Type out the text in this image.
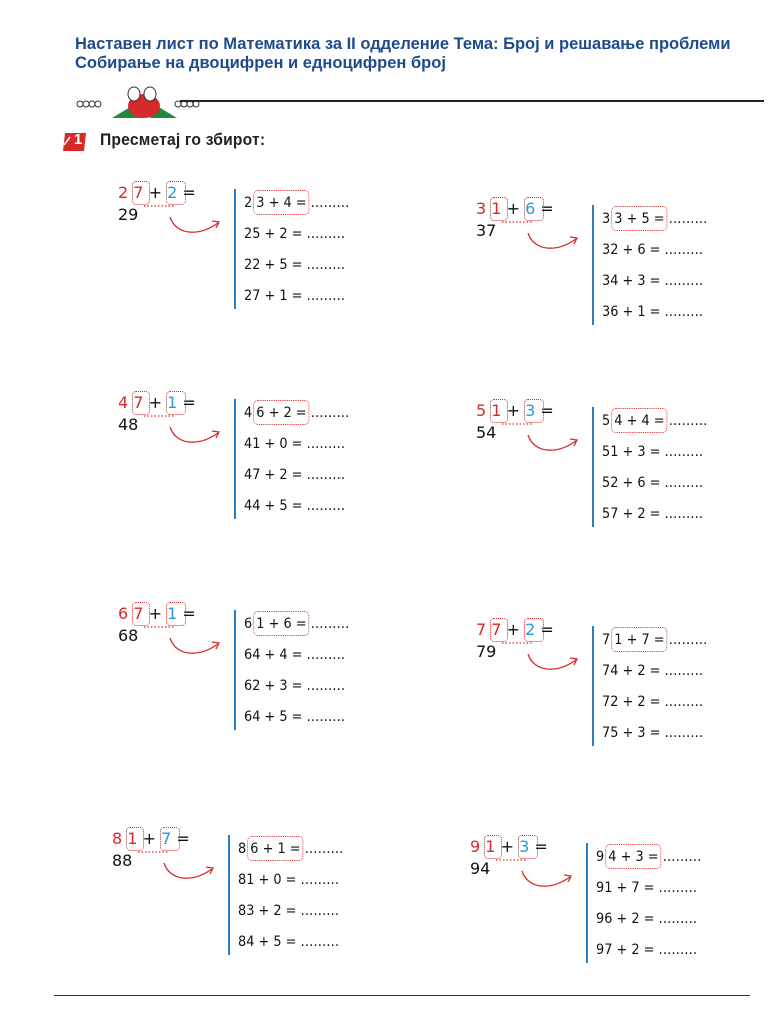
Наставен лист по Математика за II одделение Тема: Број и решавање проблеми
Собирање на двоцифрен и едноцифрен број
1	Пресметај го збирот:
2 7 + 2 =
29
2 3 + 4 = ………
25 + 2 = ………
22 + 5 = ………
27 + 1 = ………
3 1 + 6 =
37
3 3 + 5 = ………
32 + 6 = ………
34 + 3 = ………
36 + 1 = ………
4 7 + 1 =
48
4 6 + 2 = ………
41 + 0 = ………
47 + 2 = ………
44 + 5 = ………
5 1 + 3 =
54
5 4 + 4 = ………
51 + 3 = ………
52 + 6 = ………
57 + 2 = ………
6 7 + 1 =
68
6 1 + 6 = ………
64 + 4 = ………
62 + 3 = ………
64 + 5 = ………
7 7 + 2 =
79
7 1 + 7 = ………
74 + 2 = ………
72 + 2 = ………
75 + 3 = ………
8 1 + 7 =
88
8 6 + 1 = ………
81 + 0 = ………
83 + 2 = ………
84 + 5 = ………
9 1 + 3 =
94
9 4 + 3 = ………
91 + 7 = ………
96 + 2 = ………
97 + 2 = ………
